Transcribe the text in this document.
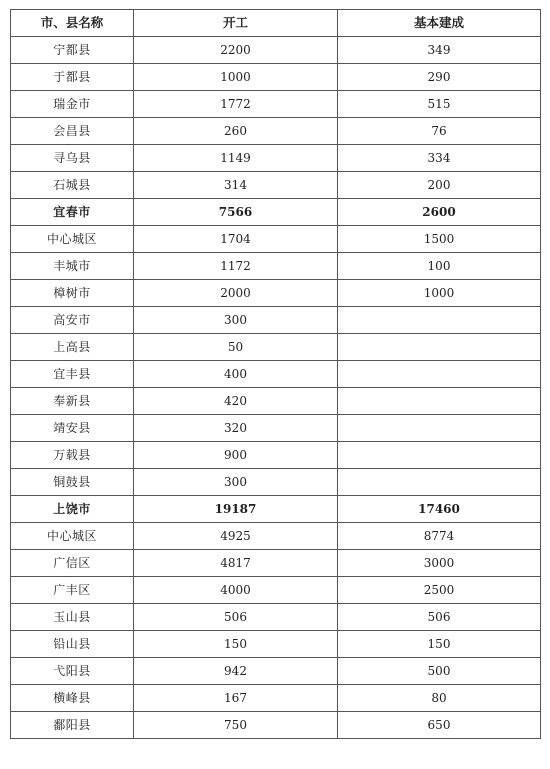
市、县名称	开工	基本建成
宁都县	2200	349
于都县	1000	290
瑞金市	1772	515
会昌县	260	76
寻乌县	1149	334
石城县	314	200
宜春市	7566	2600
中心城区	1704	1500
丰城市	1172	100
樟树市	2000	1000
高安市	300	
上高县	50	
宜丰县	400	
奉新县	420	
靖安县	320	
万载县	900	
铜鼓县	300	
上饶市	19187	17460
中心城区	4925	8774
广信区	4817	3000
广丰区	4000	2500
玉山县	506	506
铅山县	150	150
弋阳县	942	500
横峰县	167	80
鄱阳县	750	650
